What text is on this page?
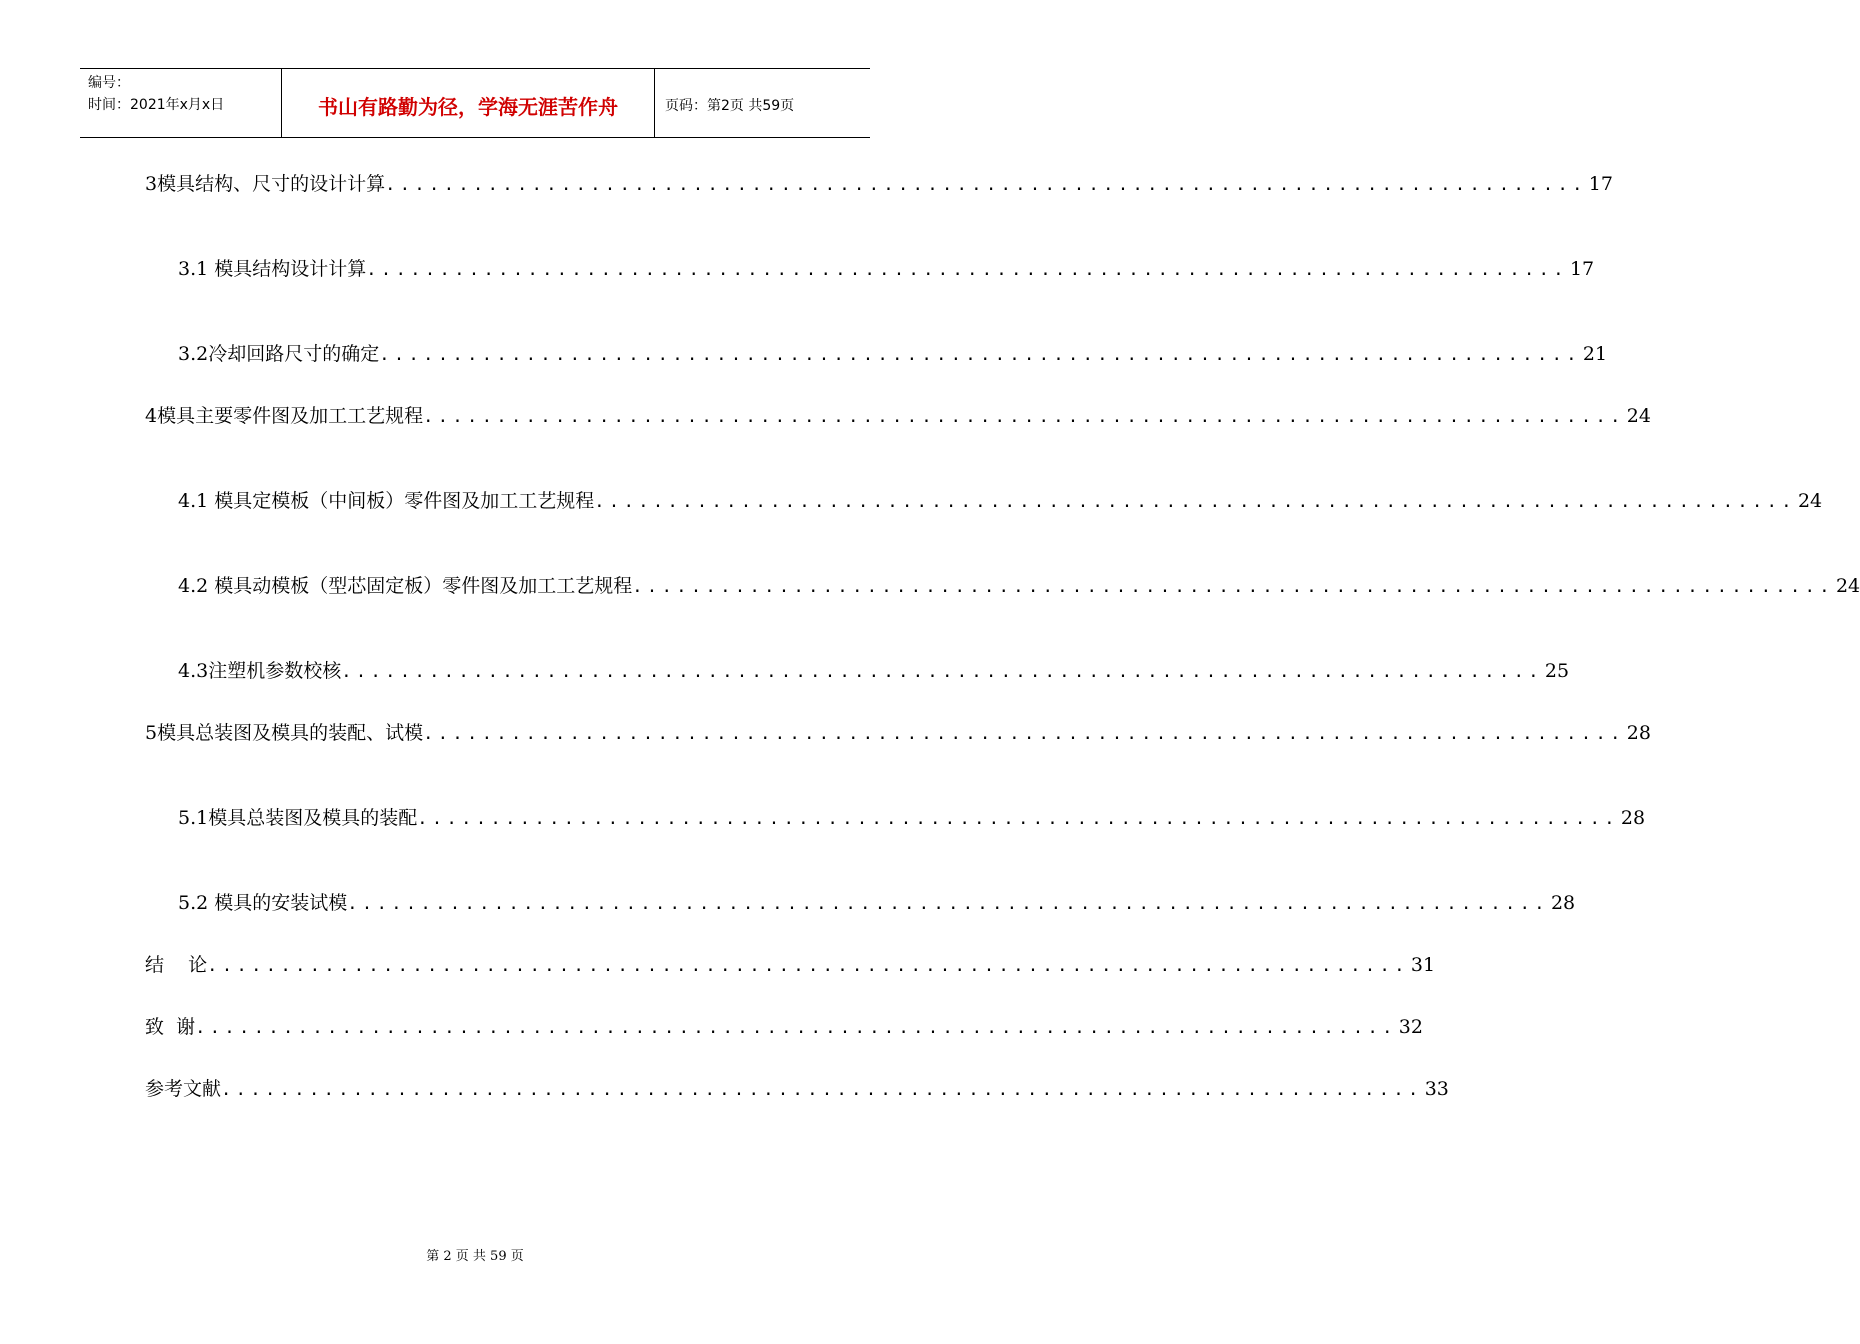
编号：
时间：2021年x月x日	书山有路勤为径，学海无涯苦作舟	页码：第2页 共59页
3模具结构、尺寸的设计计算 .................................................................................. 17
3.1 模具结构设计计算 .................................................................................. 17
3.2冷却回路尺寸的确定 .................................................................................. 21
4模具主要零件图及加工工艺规程 .................................................................................. 24
4.1 模具定模板（中间板）零件图及加工工艺规程 .................................................................................. 24
4.2 模具动模板（型芯固定板）零件图及加工工艺规程 .................................................................................. 24
4.3注塑机参数校核 .................................................................................. 25
5模具总装图及模具的装配、试模 .................................................................................. 28
5.1模具总装图及模具的装配 .................................................................................. 28
5.2 模具的安装试模 .................................................................................. 28
结    论 .................................................................................. 31
致  谢 .................................................................................. 32
参考文献 .................................................................................. 33
第 2 页 共 59 页
